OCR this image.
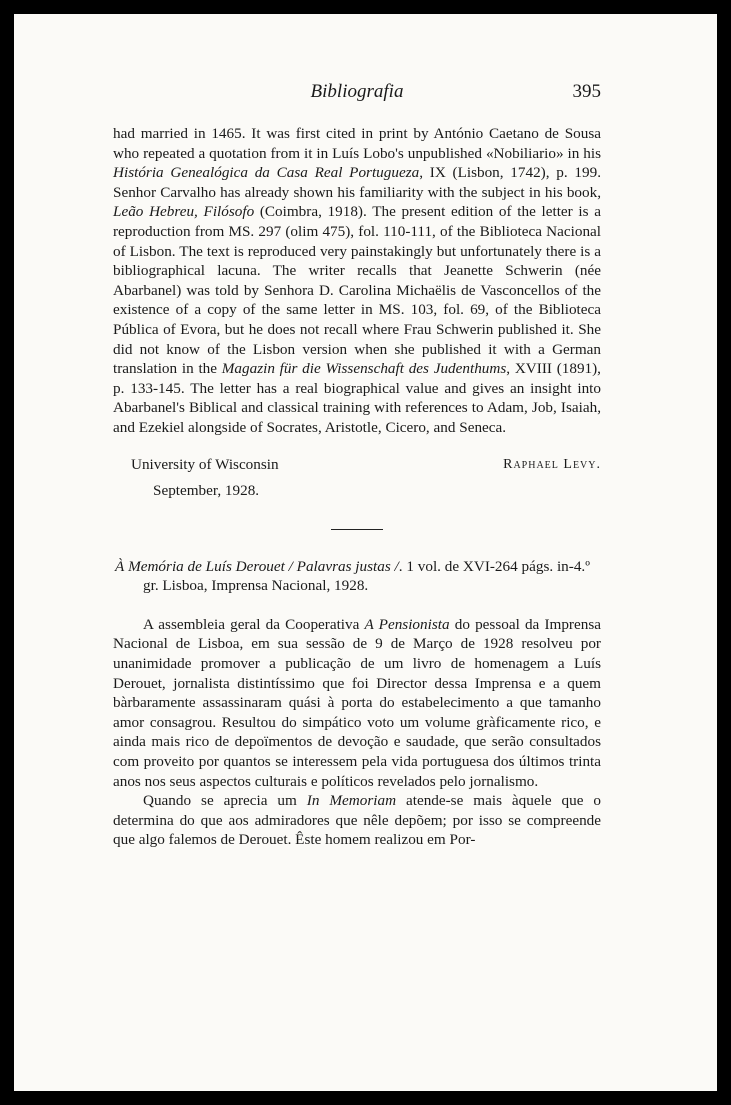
Bibliografia	395

had married in 1465. It was first cited in print by António Caetano de Sousa who repeated a quotation from it in Luís Lobo's unpublished «Nobiliario» in his História Genealógica da Casa Real Portugueza, IX (Lisbon, 1742), p. 199. Senhor Carvalho has already shown his familiarity with the subject in his book, Leão Hebreu, Filósofo (Coimbra, 1918). The present edition of the letter is a reproduction from MS. 297 (olim 475), fol. 110-111, of the Biblioteca Nacional of Lisbon. The text is reproduced very painstakingly but unfortunately there is a bibliographical lacuna. The writer recalls that Jeanette Schwerin (née Abarbanel) was told by Senhora D. Carolina Michaëlis de Vasconcellos of the existence of a copy of the same letter in MS. 103, fol. 69, of the Biblioteca Pública of Evora, but he does not recall where Frau Schwerin published it. She did not know of the Lisbon version when she published it with a German translation in the Magazin für die Wissenschaft des Judenthums, XVIII (1891), p. 133-145. The letter has a real biographical value and gives an insight into Abarbanel's Biblical and classical training with references to Adam, Job, Isaiah, and Ezekiel alongside of Socrates, Aristotle, Cicero, and Seneca.

University of Wisconsin	Raphael Levy.
September, 1928.

À Memória de Luís Derouet / Palavras justas /. 1 vol. de XVI-264 págs. in-4.º gr. Lisboa, Imprensa Nacional, 1928.

A assembleia geral da Cooperativa A Pensionista do pessoal da Imprensa Nacional de Lisboa, em sua sessão de 9 de Março de 1928 resolveu por unanimidade promover a publicação de um livro de homenagem a Luís Derouet, jornalista distintíssimo que foi Director dessa Imprensa e a quem bàrbaramente assassinaram quási à porta do estabelecimento a que tamanho amor consagrou. Resultou do simpático voto um volume gràficamente rico, e ainda mais rico de depoïmentos de devoção e saudade, que serão consultados com proveito por quantos se interessem pela vida portuguesa dos últimos trinta anos nos seus aspectos culturais e políticos revelados pelo jornalismo.

Quando se aprecia um In Memoriam atende-se mais àquele que o determina do que aos admiradores que nêle depõem; por isso se compreende que algo falemos de Derouet. Êste homem realizou em Por-
